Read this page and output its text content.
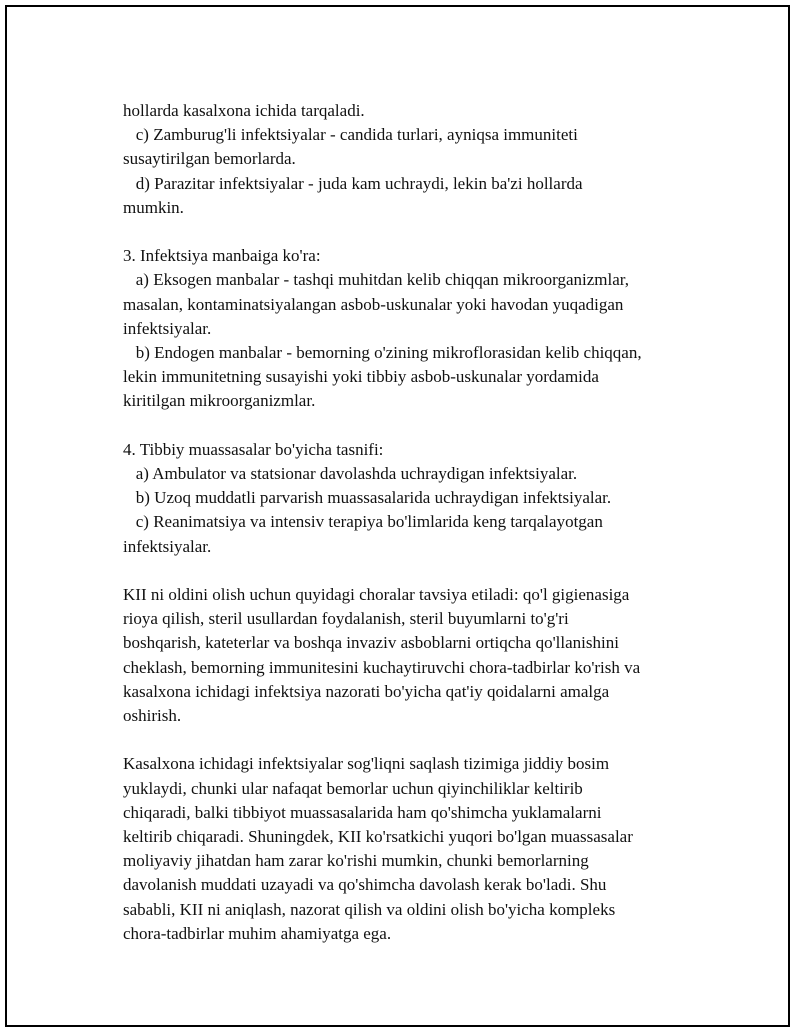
hollarda kasalxona ichida tarqaladi.
c) Zamburug'li infektsiyalar - candida turlari, ayniqsa immuniteti
susaytirilgan bemorlarda.
d) Parazitar infektsiyalar - juda kam uchraydi, lekin ba'zi hollarda
mumkin.
3. Infektsiya manbaiga ko'ra:
a) Eksogen manbalar - tashqi muhitdan kelib chiqqan mikroorganizmlar,
masalan, kontaminatsiyalangan asbob-uskunalar yoki havodan yuqadigan
infektsiyalar.
b) Endogen manbalar - bemorning o'zining mikroflorasidan kelib chiqqan,
lekin immunitetning susayishi yoki tibbiy asbob-uskunalar yordamida
kiritilgan mikroorganizmlar.
4. Tibbiy muassasalar bo'yicha tasnifi:
a) Ambulator va statsionar davolashda uchraydigan infektsiyalar.
b) Uzoq muddatli parvarish muassasalarida uchraydigan infektsiyalar.
c) Reanimatsiya va intensiv terapiya bo'limlarida keng tarqalayotgan
infektsiyalar.
KII ni oldini olish uchun quyidagi choralar tavsiya etiladi: qo'l gigienasiga
rioya qilish, steril usullardan foydalanish, steril buyumlarni to'g'ri
boshqarish, kateterlar va boshqa invaziv asboblarni ortiqcha qo'llanishini
cheklash, bemorning immunitesini kuchaytiruvchi chora-tadbirlar ko'rish va
kasalxona ichidagi infektsiya nazorati bo'yicha qat'iy qoidalarni amalga
oshirish.
Kasalxona ichidagi infektsiyalar sog'liqni saqlash tizimiga jiddiy bosim
yuklaydi, chunki ular nafaqat bemorlar uchun qiyinchiliklar keltirib
chiqaradi, balki tibbiyot muassasalarida ham qo'shimcha yuklamalarni
keltirib chiqaradi. Shuningdek, KII ko'rsatkichi yuqori bo'lgan muassasalar
moliyaviy jihatdan ham zarar ko'rishi mumkin, chunki bemorlarning
davolanish muddati uzayadi va qo'shimcha davolash kerak bo'ladi. Shu
sababli, KII ni aniqlash, nazorat qilish va oldini olish bo'yicha kompleks
chora-tadbirlar muhim ahamiyatga ega.
